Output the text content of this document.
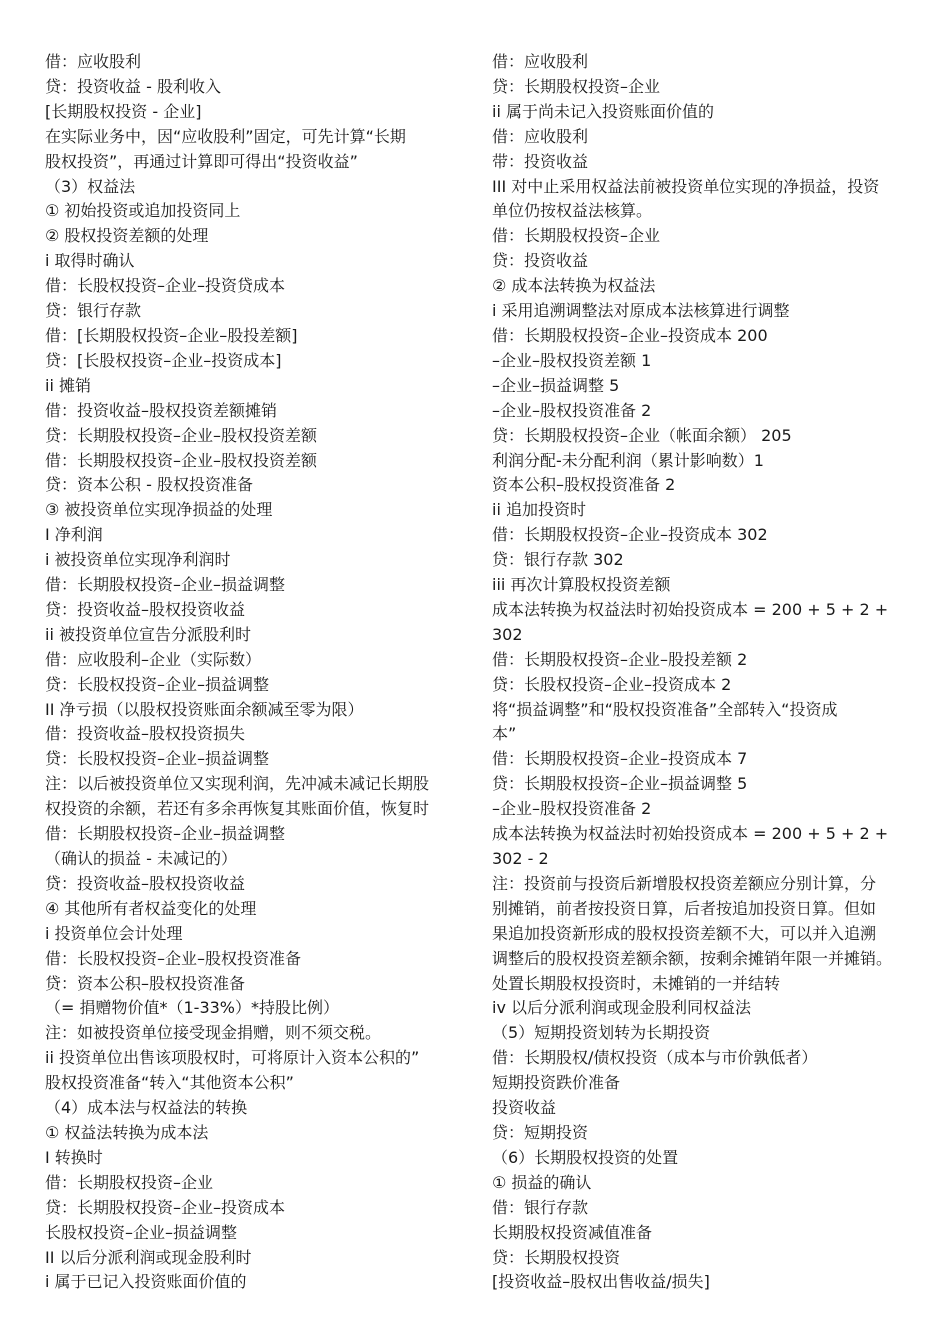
借：应收股利
贷：投资收益 - 股利收入
[长期股权投资 - 企业]
在实际业务中，因“应收股利”固定，可先计算“长期
股权投资”，再通过计算即可得出“投资收益”
（3）权益法
① 初始投资或追加投资同上
② 股权投资差额的处理
i 取得时确认
借：长股权投资–企业–投资贷成本
贷：银行存款
借：[长期股权投资–企业–股投差额]
贷：[长股权投资–企业–投资成本]
ii 摊销
借：投资收益–股权投资差额摊销
贷：长期股权投资–企业–股权投资差额
借：长期股权投资–企业–股权投资差额
贷：资本公积 - 股权投资准备
③ 被投资单位实现净损益的处理
I 净利润
i 被投资单位实现净利润时
借：长期股权投资–企业–损益调整
贷：投资收益–股权投资收益
ii 被投资单位宣告分派股利时
借：应收股利–企业（实际数）
贷：长股权投资–企业–损益调整
II 净亏损（以股权投资账面余额减至零为限）
借：投资收益–股权投资损失
贷：长股权投资–企业–损益调整
注：以后被投资单位又实现利润，先冲减未减记长期股
权投资的余额，若还有多余再恢复其账面价值，恢复时
借：长期股权投资–企业–损益调整
（确认的损益 - 未减记的）
贷：投资收益–股权投资收益
④ 其他所有者权益变化的处理
i 投资单位会计处理
借：长股权投资–企业–股权投资准备
贷：资本公积–股权投资准备
（= 捐赠物价值*（1-33%）*持股比例）
注：如被投资单位接受现金捐赠，则不须交税。
ii 投资单位出售该项股权时，可将原计入资本公积的”
股权投资准备“转入“其他资本公积”
（4）成本法与权益法的转换
① 权益法转换为成本法
I 转换时
借：长期股权投资–企业
贷：长期股权投资–企业–投资成本
长股权投资–企业–损益调整
II 以后分派利润或现金股利时
i 属于已记入投资账面价值的
借：应收股利
贷：长期股权投资–企业
ii 属于尚未记入投资账面价值的
借：应收股利
带：投资收益
III 对中止采用权益法前被投资单位实现的净损益，投资
单位仍按权益法核算。
借：长期股权投资–企业
贷：投资收益
② 成本法转换为权益法
i 采用追溯调整法对原成本法核算进行调整
借：长期股权投资–企业–投资成本 200
–企业–股权投资差额 1
–企业–损益调整 5
–企业–股权投资准备 2
贷：长期股权投资–企业（帐面余额） 205
利润分配-未分配利润（累计影响数）1
资本公积–股权投资准备 2
ii 追加投资时
借：长期股权投资–企业–投资成本 302
贷：银行存款 302
iii 再次计算股权投资差额
成本法转换为权益法时初始投资成本 = 200 + 5 + 2 +
302
借：长期股权投资–企业–股投差额 2
贷：长股权投资–企业–投资成本 2
将“损益调整”和“股权投资准备”全部转入“投资成
本”
借：长期股权投资–企业–投资成本 7
贷：长期股权投资–企业–损益调整 5
–企业–股权投资准备 2
成本法转换为权益法时初始投资成本 = 200 + 5 + 2 +
302 - 2
注：投资前与投资后新增股权投资差额应分别计算，分
别摊销，前者按投资日算，后者按追加投资日算。但如
果追加投资新形成的股权投资差额不大，可以并入追溯
调整后的股权投资差额余额，按剩余摊销年限一并摊销。
处置长期股权投资时，未摊销的一并结转
iv 以后分派利润或现金股利同权益法
（5）短期投资划转为长期投资
借：长期股权/债权投资（成本与市价孰低者）
短期投资跌价准备
投资收益
贷：短期投资
（6）长期股权投资的处置
① 损益的确认
借：银行存款
长期股权投资减值准备
贷：长期股权投资
[投资收益–股权出售收益/损失]
